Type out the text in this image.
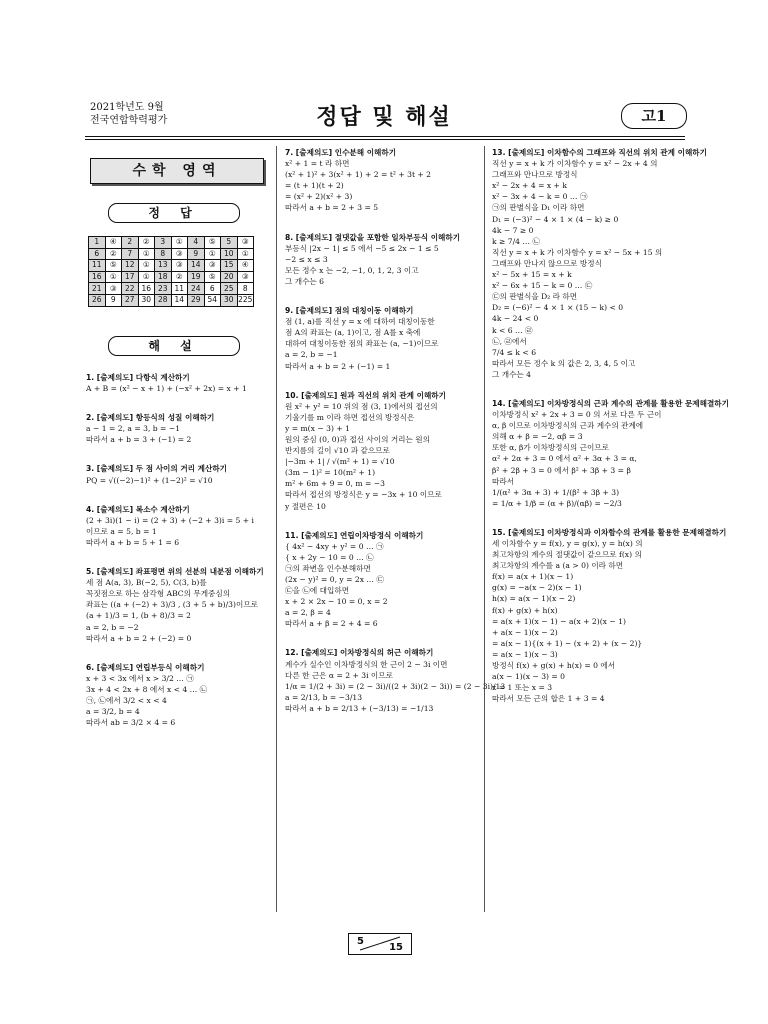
2021학년도 9월
전국연합학력평가	정답 및 해설	고1
수학 영역
정 답
1	④	2	②	3	①	4	⑤	5	③
6	②	7	①	8	③	9	①	10	①
11	⑤	12	①	13	③	14	③	15	④
16	①	17	①	18	②	19	⑤	20	③
21	③	22	16	23	11	24	6	25	8
26	9	27	30	28	14	29	54	30	225
해 설
1. [출제의도] 다항식 계산하기
A + B = (x² − x + 1) + (−x² + 2x) = x + 1
2. [출제의도] 항등식의 성질 이해하기
a − 1 = 2, a = 3, b = −1
따라서 a + b = 3 + (−1) = 2
3. [출제의도] 두 점 사이의 거리 계산하기
PQ = √((−2)−1)² + (1−2)² = √10
4. [출제의도] 복소수 계산하기
(2 + 3i)(1 − i) = (2 + 3) + (−2 + 3)i = 5 + i
이므로 a = 5, b = 1
따라서 a + b = 5 + 1 = 6
5. [출제의도] 좌표평면 위의 선분의 내분점 이해하기
세 점 A(a, 3), B(−2, 5), C(3, b)를
꼭짓점으로 하는 삼각형 ABC의 무게중심의
좌표는 ((a + (−2) + 3)/3 , (3 + 5 + b)/3)이므로
(a + 1)/3 = 1, (b + 8)/3 = 2
a = 2, b = −2
따라서 a + b = 2 + (−2) = 0
6. [출제의도] 연립부등식 이해하기
x + 3 < 3x 에서 x > 3/2 … ㉠
3x + 4 < 2x + 8 에서 x < 4 … ㉡
㉠, ㉡에서 3/2 < x < 4
a = 3/2, b = 4
따라서 ab = 3/2 × 4 = 6
7. [출제의도] 인수분해 이해하기
x² + 1 = t 라 하면
(x² + 1)² + 3(x² + 1) + 2 = t² + 3t + 2
= (t + 1)(t + 2)
= (x² + 2)(x² + 3)
따라서 a + b = 2 + 3 = 5
8. [출제의도] 절댓값을 포함한 일차부등식 이해하기
부등식 |2x − 1| ≤ 5 에서 −5 ≤ 2x − 1 ≤ 5
−2 ≤ x ≤ 3
모든 정수 x 는 −2, −1, 0, 1, 2, 3 이고
그 개수는 6
9. [출제의도] 점의 대칭이동 이해하기
점 (1, a)를 직선 y = x 에 대하여 대칭이동한
점 A의 좌표는 (a, 1)이고, 점 A를 x 축에
대하여 대칭이동한 점의 좌표는 (a, −1)이므로
a = 2, b = −1
따라서 a + b = 2 + (−1) = 1
10. [출제의도] 원과 직선의 위치 관계 이해하기
원 x² + y² = 10 위의 점 (3, 1)에서의 접선의
기울기를 m 이라 하면 접선의 방정식은
y = m(x − 3) + 1
원의 중심 (0, 0)과 접선 사이의 거리는 원의
반지름의 길이 √10 과 같으므로
|−3m + 1| / √(m² + 1) = √10
(3m − 1)² = 10(m² + 1)
m² + 6m + 9 = 0, m = −3
따라서 접선의 방정식은 y = −3x + 10 이므로
y 절편은 10
11. [출제의도] 연립이차방정식 이해하기
{ 4x² − 4xy + y² = 0 … ㉠
{ x + 2y − 10 = 0 … ㉡
㉠의 좌변을 인수분해하면
(2x − y)² = 0, y = 2x … ㉢
㉢을 ㉡에 대입하면
x + 2 × 2x − 10 = 0, x = 2
a = 2, β = 4
따라서 a + β = 2 + 4 = 6
12. [출제의도] 이차방정식의 허근 이해하기
계수가 실수인 이차방정식의 한 근이 2 − 3i 이면
다른 한 근은 α = 2 + 3i 이므로
1/α = 1/(2 + 3i) = (2 − 3i)/((2 + 3i)(2 − 3i)) = (2 − 3i)/13
a = 2/13, b = −3/13
따라서 a + b = 2/13 + (−3/13) = −1/13
13. [출제의도] 이차함수의 그래프와 직선의 위치 관계 이해하기
직선 y = x + k 가 이차함수 y = x² − 2x + 4 의
그래프와 만나므로 방정식
x² − 2x + 4 = x + k
x² − 3x + 4 − k = 0 … ㉠
㉠의 판별식을 D₁ 이라 하면
D₁ = (−3)² − 4 × 1 × (4 − k) ≥ 0
4k − 7 ≥ 0
k ≥ 7/4 … ㉡
직선 y = x + k 가 이차함수 y = x² − 5x + 15 의
그래프와 만나지 않으므로 방정식
x² − 5x + 15 = x + k
x² − 6x + 15 − k = 0 … ㉢
㉢의 판별식을 D₂ 라 하면
D₂ = (−6)² − 4 × 1 × (15 − k) < 0
4k − 24 < 0
k < 6 … ㉣
㉡, ㉣에서
7/4 ≤ k < 6
따라서 모든 정수 k 의 값은 2, 3, 4, 5 이고
그 개수는 4
14. [출제의도] 이차방정식의 근과 계수의 관계를 활용한 문제해결하기
이차방정식 x² + 2x + 3 = 0 의 서로 다른 두 근이
α, β 이므로 이차방정식의 근과 계수의 관계에
의해 α + β = −2, αβ = 3
또한 α, β가 이차방정식의 근이므로
α² + 2α + 3 = 0 에서 α² + 3α + 3 = α,
β² + 2β + 3 = 0 에서 β² + 3β + 3 = β
따라서
1/(α² + 3α + 3) + 1/(β² + 3β + 3)
= 1/α + 1/β = (α + β)/(αβ) = −2/3
15. [출제의도] 이차방정식과 이차함수의 관계를 활용한 문제해결하기
세 이차함수 y = f(x), y = g(x), y = h(x) 의
최고차항의 계수의 절댓값이 같으므로 f(x) 의
최고차항의 계수를 a (a > 0) 이라 하면
f(x) = a(x + 1)(x − 1)
g(x) = −a(x − 2)(x − 1)
h(x) = a(x − 1)(x − 2)
f(x) + g(x) + h(x)
= a(x + 1)(x − 1) − a(x + 2)(x − 1)
+ a(x − 1)(x − 2)
= a(x − 1){(x + 1) − (x + 2) + (x − 2)}
= a(x − 1)(x − 3)
방정식 f(x) + g(x) + h(x) = 0 에서
a(x − 1)(x − 3) = 0
x = 1 또는 x = 3
따라서 모든 근의 합은 1 + 3 = 4
5
15
